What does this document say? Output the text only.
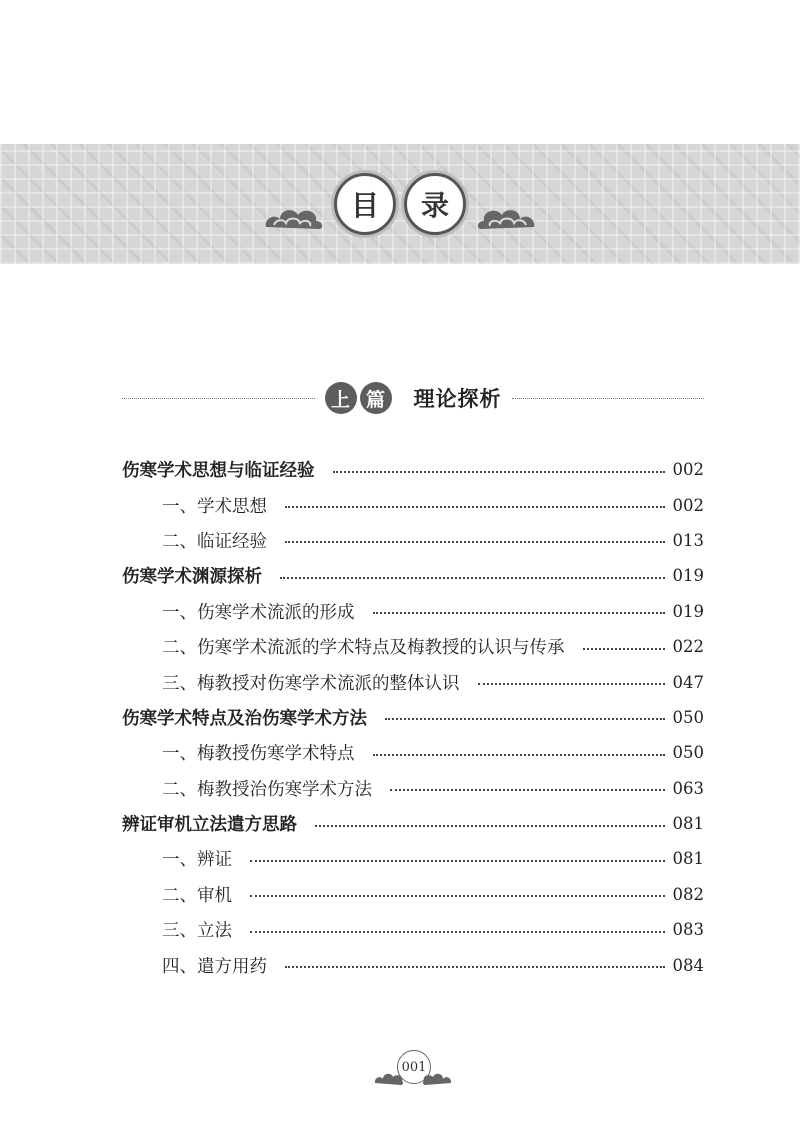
目	录
上 篇	理论探析
伤寒学术思想与临证经验	002
一、学术思想	002
二、临证经验	013
伤寒学术渊源探析	019
一、伤寒学术流派的形成	019
二、伤寒学术流派的学术特点及梅教授的认识与传承	022
三、梅教授对伤寒学术流派的整体认识	047
伤寒学术特点及治伤寒学术方法	050
一、梅教授伤寒学术特点	050
二、梅教授治伤寒学术方法	063
辨证审机立法遣方思路	081
一、辨证	081
二、审机	082
三、立法	083
四、遣方用药	084
001
